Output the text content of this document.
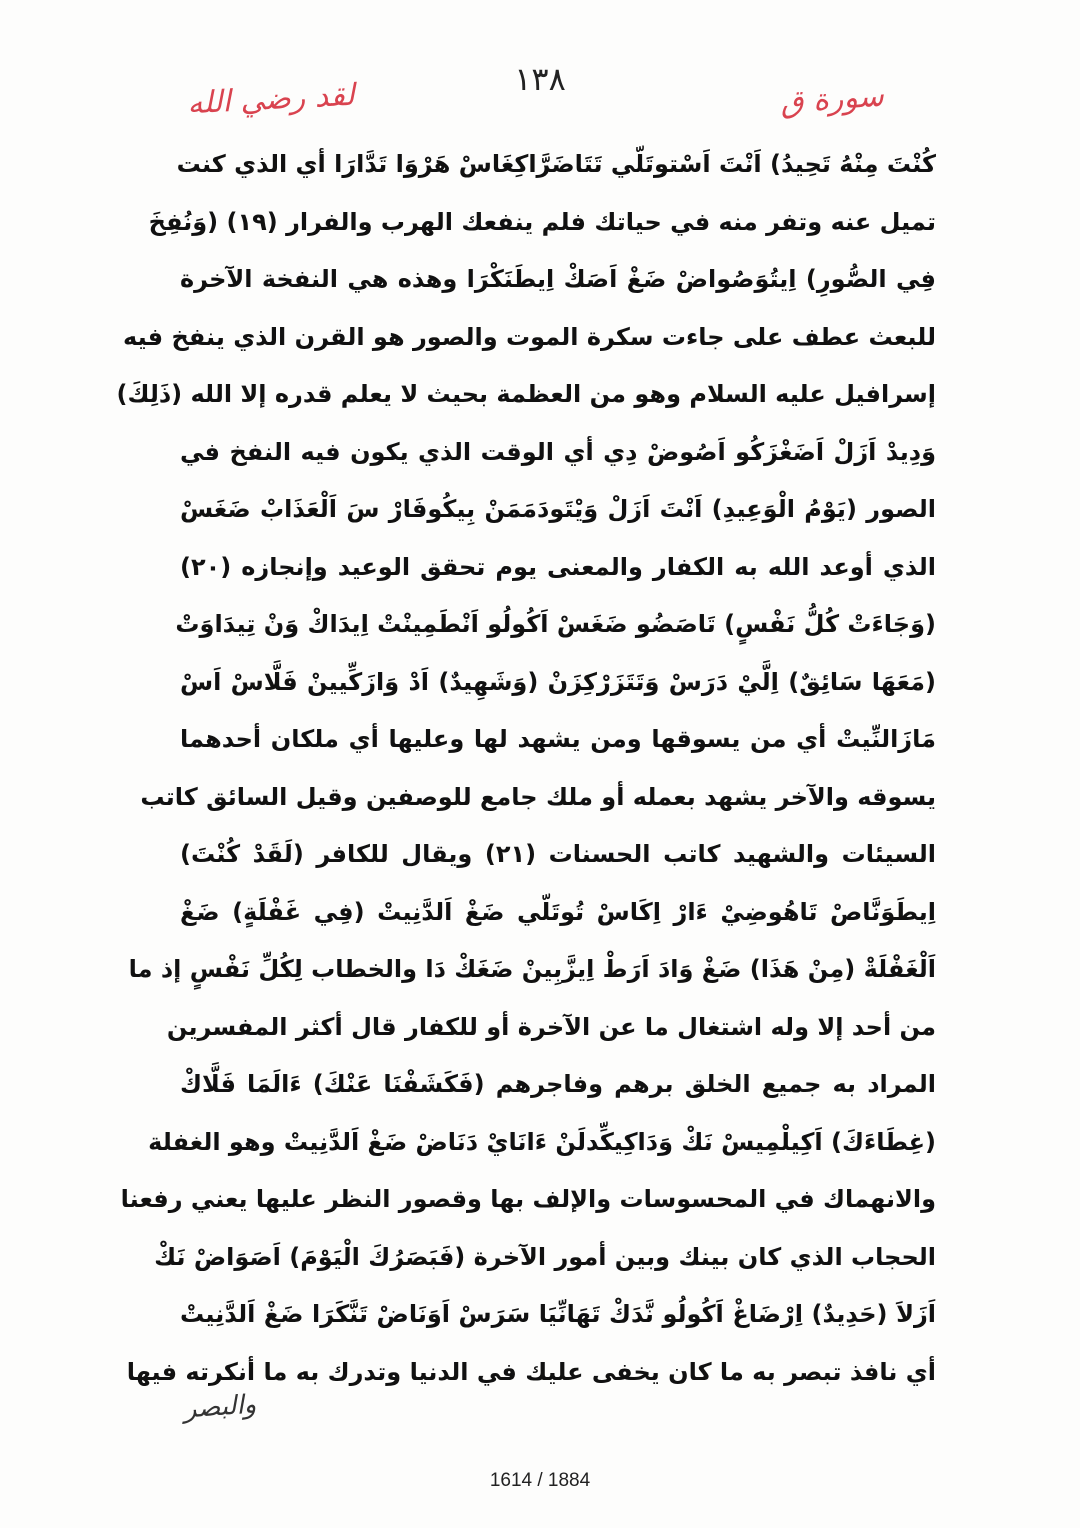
١٣٨	سورة ق
لقد رضي الله
كُنْتَ مِنْهُ تَحِيدُ) اَنْتَ اَسْتوتَلّي تَتَاضَرَّاكِغَاسْ هَرْوَا تَدَّارَا أي الذي كنت
تميل عنه وتفر منه في حياتك فلم ينفعك الهرب والفرار (١٩) (وَنُفِخَ
فِي الصُّورِ) اِيتُوَصُواضْ ضَغْ اَصَكْ اِيطَنَكْرَا وهذه هي النفخة الآخرة
للبعث عطف على جاءت سكرة الموت والصور هو القرن الذي ينفخ فيه
إسرافيل عليه السلام وهو من العظمة بحيث لا يعلم قدره إلا الله (ذَلِكَ)
وَدِيدْ اَزَلْ اَضَغْزَكُو اَصُوضْ دِي أي الوقت الذي يكون فيه النفخ في
الصور (يَوْمُ الْوَعِيدِ) اَنْتَ اَزَلْ وَيْتَودَمَمَنْ بِيكُوفَارْ سَ اَلْعَذَابْ ضَغَسْ
الذي أوعد الله به الكفار والمعنى يوم تحقق الوعيد وإنجازه (٢٠)
(وَجَاءَتْ كُلُّ نَفْسٍ) تَاصَضُو ضَغَسْ اَكُولُو اَنْطَمِينْتْ اِيدَاكْ وَنْ تِيدَاوَتْ
(مَعَهَا سَائِقٌ) اِلَّيْ دَرَسْ وَتَتَزَرْكِزَنْ (وَشَهِيدٌ) اَدْ وَازَكِّيينْ فَلَّاسْ اَسْ
مَازَالنِّيتْ أي من يسوقها ومن يشهد لها وعليها أي ملكان أحدهما
يسوقه والآخر يشهد بعمله أو ملك جامع للوصفين وقيل السائق كاتب
السيئات والشهيد كاتب الحسنات (٢١) ويقال للكافر (لَقَدْ كُنْتَ)
اِيطَوَنَّاصْ تَاهُوضِيْ ءَارْ اِكَاسْ تُوتَلّي ضَغْ اَلدَّنِيتْ (فِي غَفْلَةٍ) ضَغْ
اَلْغَفْلَةْ (مِنْ هَذَا) ضَغْ وَادَ اَرَطْ اِيزَّبِينْ ضَغَكْ دَا والخطاب لِكُلِّ نَفْسٍ إذ ما
من أحد إلا وله اشتغال ما عن الآخرة أو للكفار قال أكثر المفسرين
المراد به جميع الخلق برهم وفاجرهم (فَكَشَفْنَا عَنْكَ) ءَالَمَا فَلَّاكْ
(غِطَاءَكَ) اَكِيلْمِيسْ نَكْ وَدَاكِيكِّدلَنْ ءَانَايْ دَنَاضْ ضَغْ اَلدَّنِيتْ وهو الغفلة
والانهماك في المحسوسات والإلف بها وقصور النظر عليها يعني رفعنا
الحجاب الذي كان بينك وبين أمور الآخرة (فَبَصَرُكَ الْيَوْمَ) اَصَوَاضْ نَكْ
اَزَلاَ (حَدِيدٌ) اِرْضَاغْ اَكُولُو نَّدَكْ تَهَانِّيَا سَرَسْ اَوَنَاضْ تَنَّكَرَا ضَغْ اَلدَّنِيتْ
أي نافذ تبصر به ما كان يخفى عليك في الدنيا وتدرك به ما أنكرته فيها
والبصر
1614 / 1884
